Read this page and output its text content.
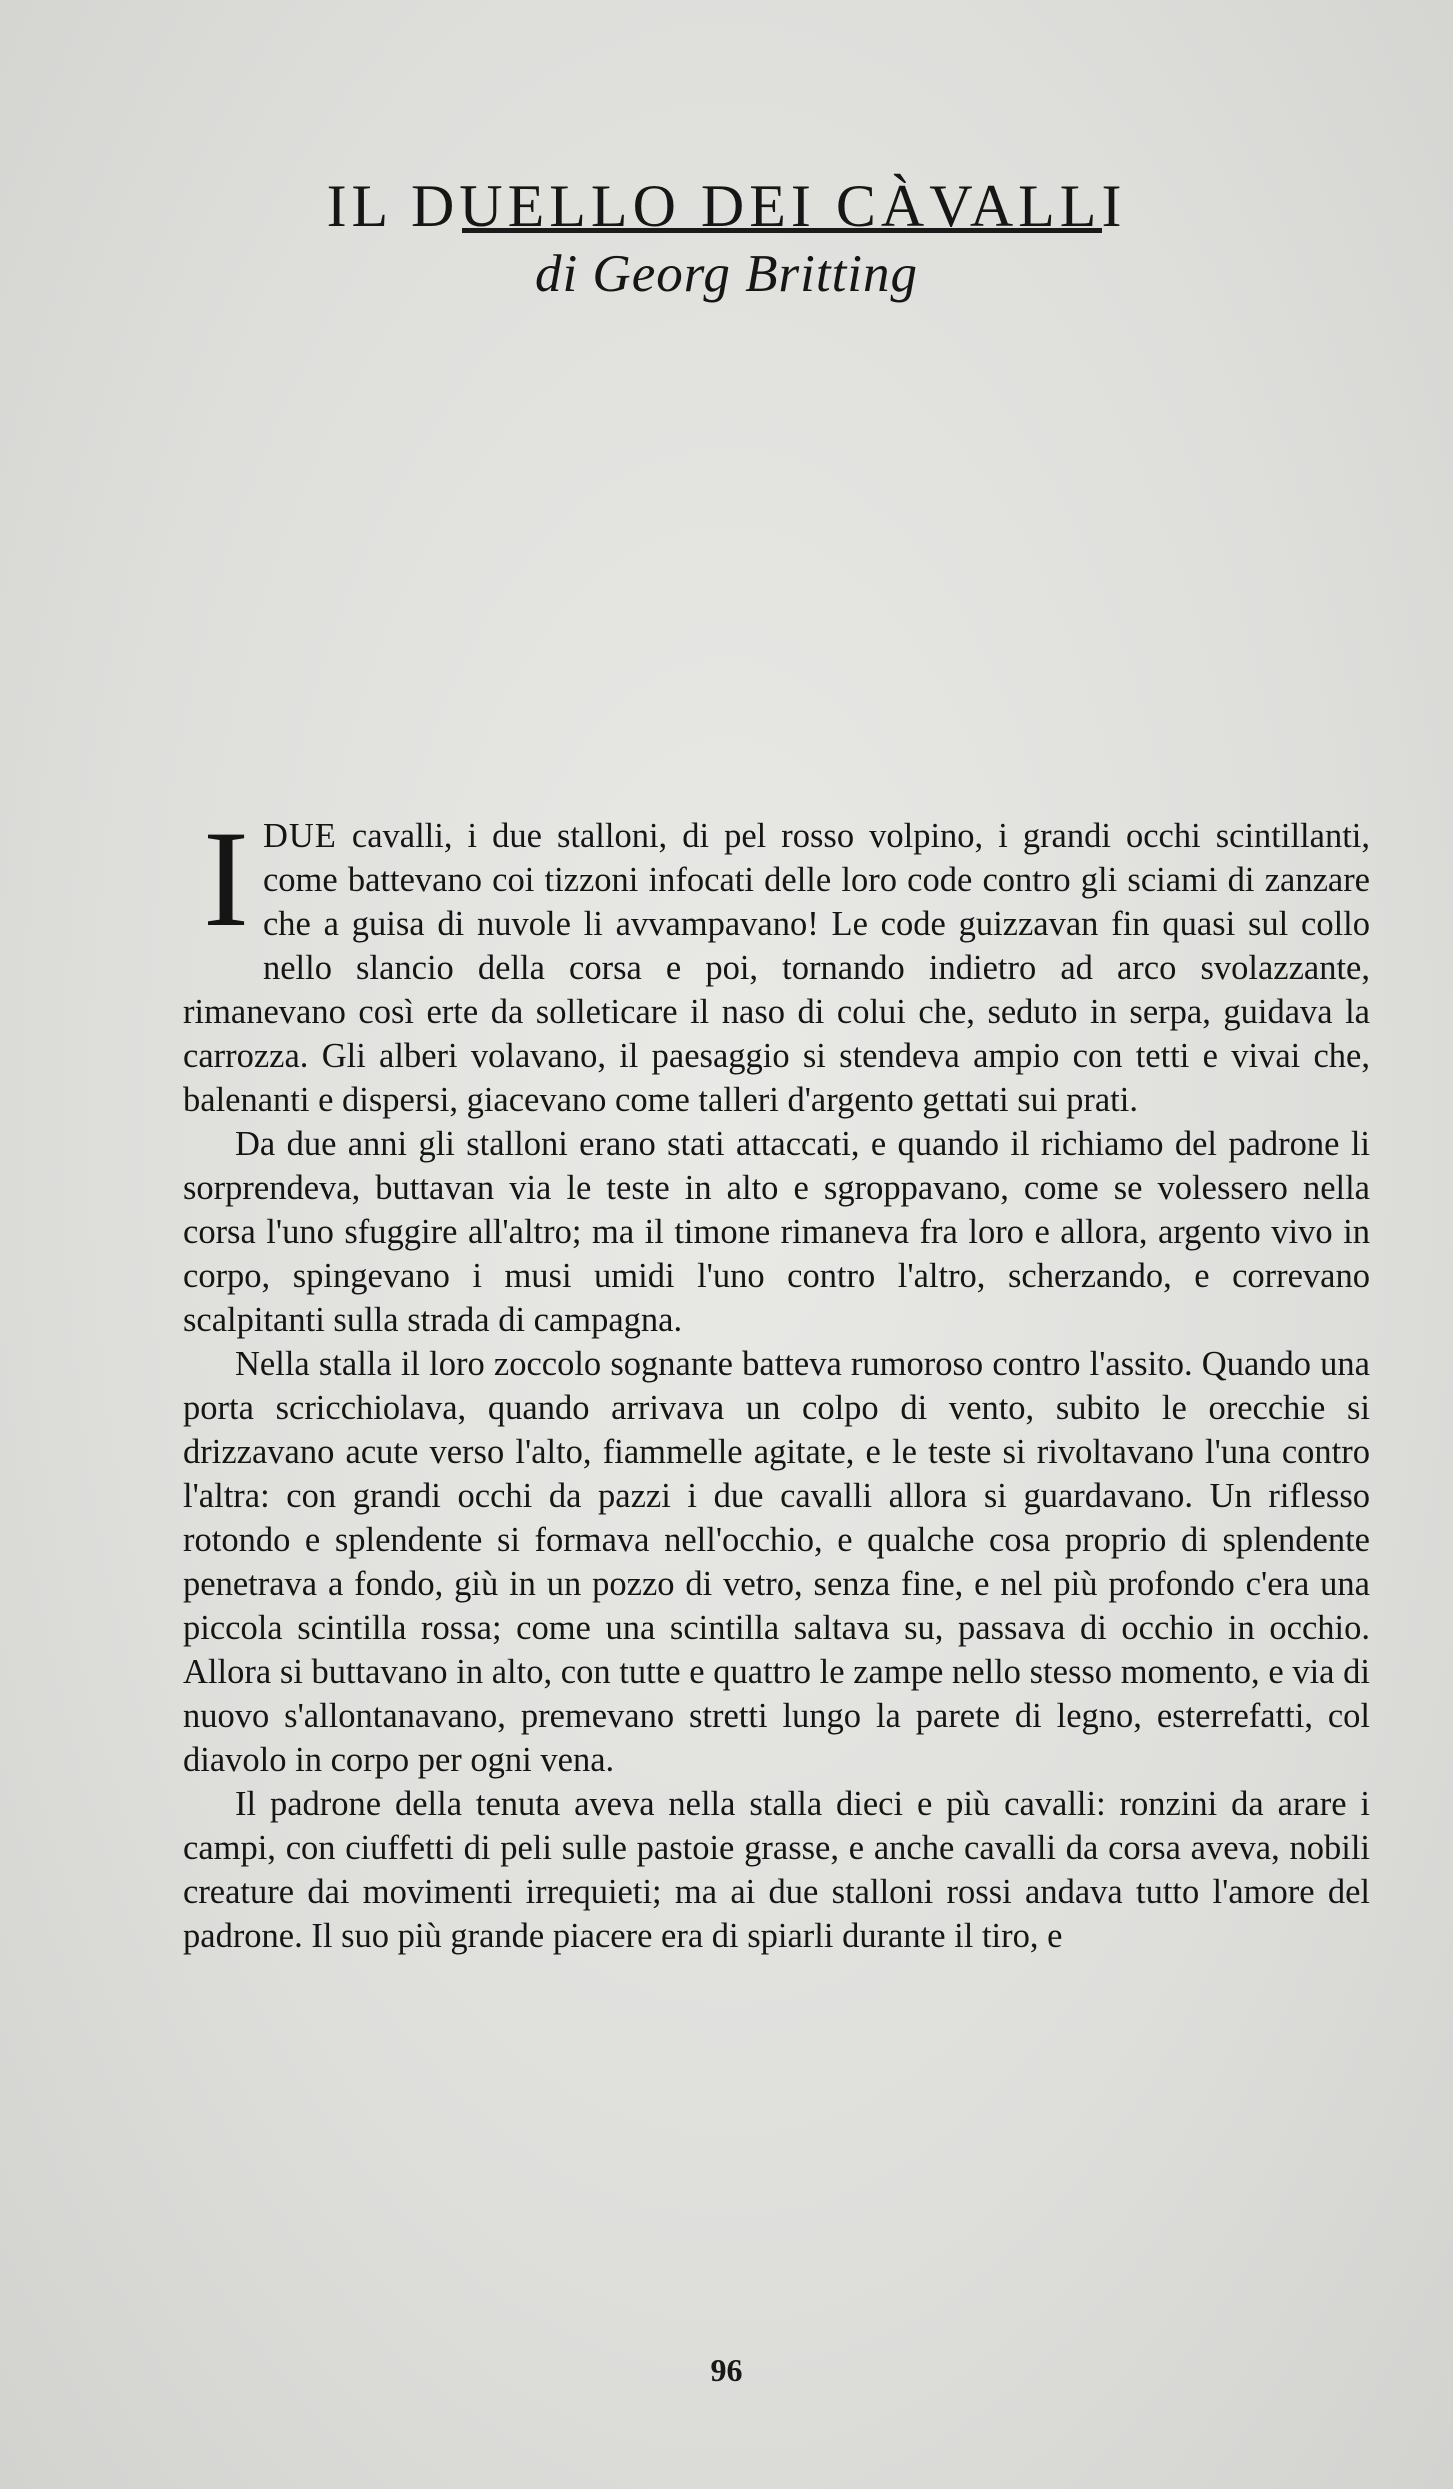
IL DUELLO DEI CÀVALLI
di Georg Britting

IDUE cavalli, i due stalloni, di pel rosso volpino, i grandi occhi scintillanti, come battevano coi tizzoni infocati delle loro code contro gli sciami di zanzare che a guisa di nuvole li avvampavano! Le code guizzavan fin quasi sul collo nello slancio della corsa e poi, tornando indietro ad arco svolazzante, rimanevano così erte da solleticare il naso di colui che, seduto in serpa, guidava la carrozza. Gli alberi volavano, il paesaggio si stendeva ampio con tetti e vivai che, balenanti e dispersi, giacevano come talleri d'argento gettati sui prati.

Da due anni gli stalloni erano stati attaccati, e quando il richiamo del padrone li sorprendeva, buttavan via le teste in alto e sgroppavano, come se volessero nella corsa l'uno sfuggire all'altro; ma il timone rimaneva fra loro e allora, argento vivo in corpo, spingevano i musi umidi l'uno contro l'altro, scherzando, e correvano scalpitanti sulla strada di campagna.

Nella stalla il loro zoccolo sognante batteva rumoroso contro l'assito. Quando una porta scricchiolava, quando arrivava un colpo di vento, subito le orecchie si drizzavano acute verso l'alto, fiammelle agitate, e le teste si rivoltavano l'una contro l'altra: con grandi occhi da pazzi i due cavalli allora si guardavano. Un riflesso rotondo e splendente si formava nell'occhio, e qualche cosa proprio di splendente penetrava a fondo, giù in un pozzo di vetro, senza fine, e nel più profondo c'era una piccola scintilla rossa; come una scintilla saltava su, passava di occhio in occhio. Allora si buttavano in alto, con tutte e quattro le zampe nello stesso momento, e via di nuovo s'allontanavano, premevano stretti lungo la parete di legno, esterrefatti, col diavolo in corpo per ogni vena.

Il padrone della tenuta aveva nella stalla dieci e più cavalli: ronzini da arare i campi, con ciuffetti di peli sulle pastoie grasse, e anche cavalli da corsa aveva, nobili creature dai movimenti irrequieti; ma ai due stalloni rossi andava tutto l'amore del padrone. Il suo più grande piacere era di spiarli durante il tiro, e

96
